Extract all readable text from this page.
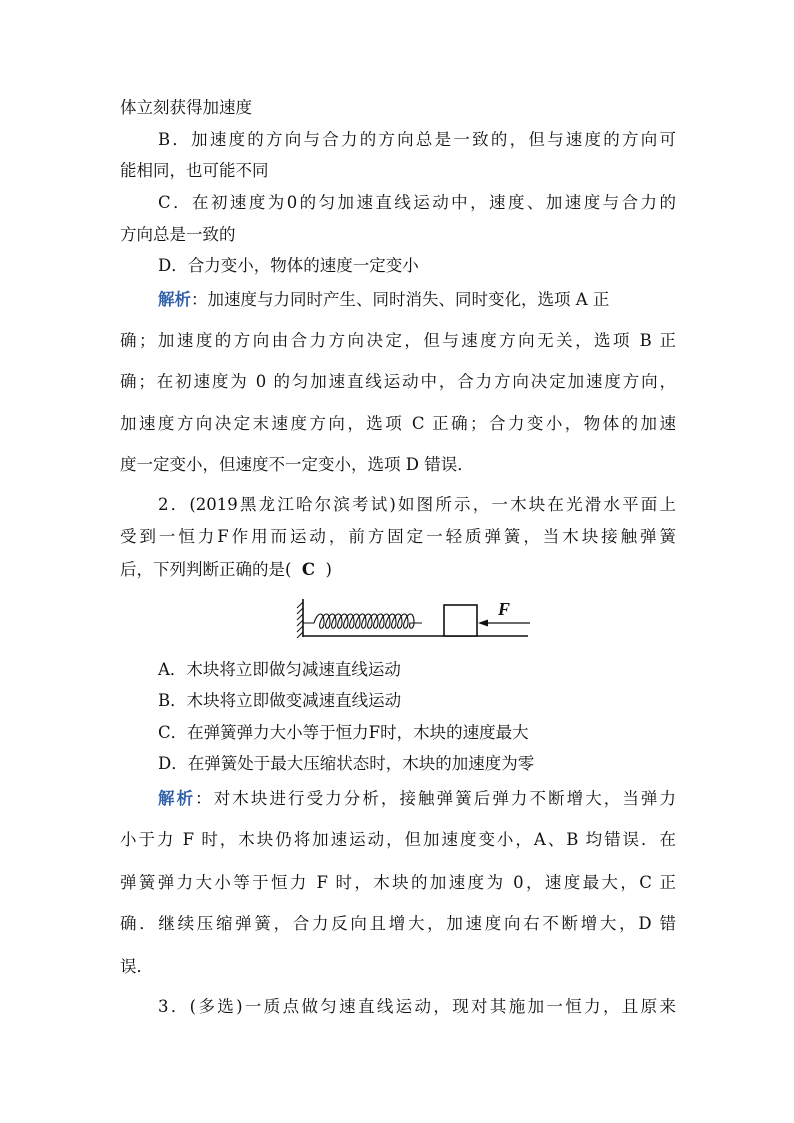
体立刻获得加速度
B．加速度的方向与合力的方向总是一致的，但与速度的方向可
能相同，也可能不同
C．在初速度为0的匀加速直线运动中，速度、加速度与合力的
方向总是一致的
D．合力变小，物体的速度一定变小
解析：加速度与力同时产生、同时消失、同时变化，选项 A 正
确；加速度的方向由合力方向决定，但与速度方向无关，选项 B 正
确；在初速度为 0 的匀加速直线运动中，合力方向决定加速度方向，
加速度方向决定末速度方向，选项 C 正确；合力变小，物体的加速
度一定变小，但速度不一定变小，选项 D 错误．
2．(2019黑龙江哈尔滨考试)如图所示，一木块在光滑水平面上
受到一恒力F作用而运动，前方固定一轻质弹簧，当木块接触弹簧
后，下列判断正确的是( C )
F
A．木块将立即做匀减速直线运动
B．木块将立即做变减速直线运动
C．在弹簧弹力大小等于恒力F时，木块的速度最大
D．在弹簧处于最大压缩状态时，木块的加速度为零
解析：对木块进行受力分析，接触弹簧后弹力不断增大，当弹力
小于力 F 时，木块仍将加速运动，但加速度变小，A、B 均错误．在
弹簧弹力大小等于恒力 F 时，木块的加速度为 0，速度最大，C 正
确．继续压缩弹簧，合力反向且增大，加速度向右不断增大，D 错
误．
3．(多选)一质点做匀速直线运动，现对其施加一恒力，且原来
